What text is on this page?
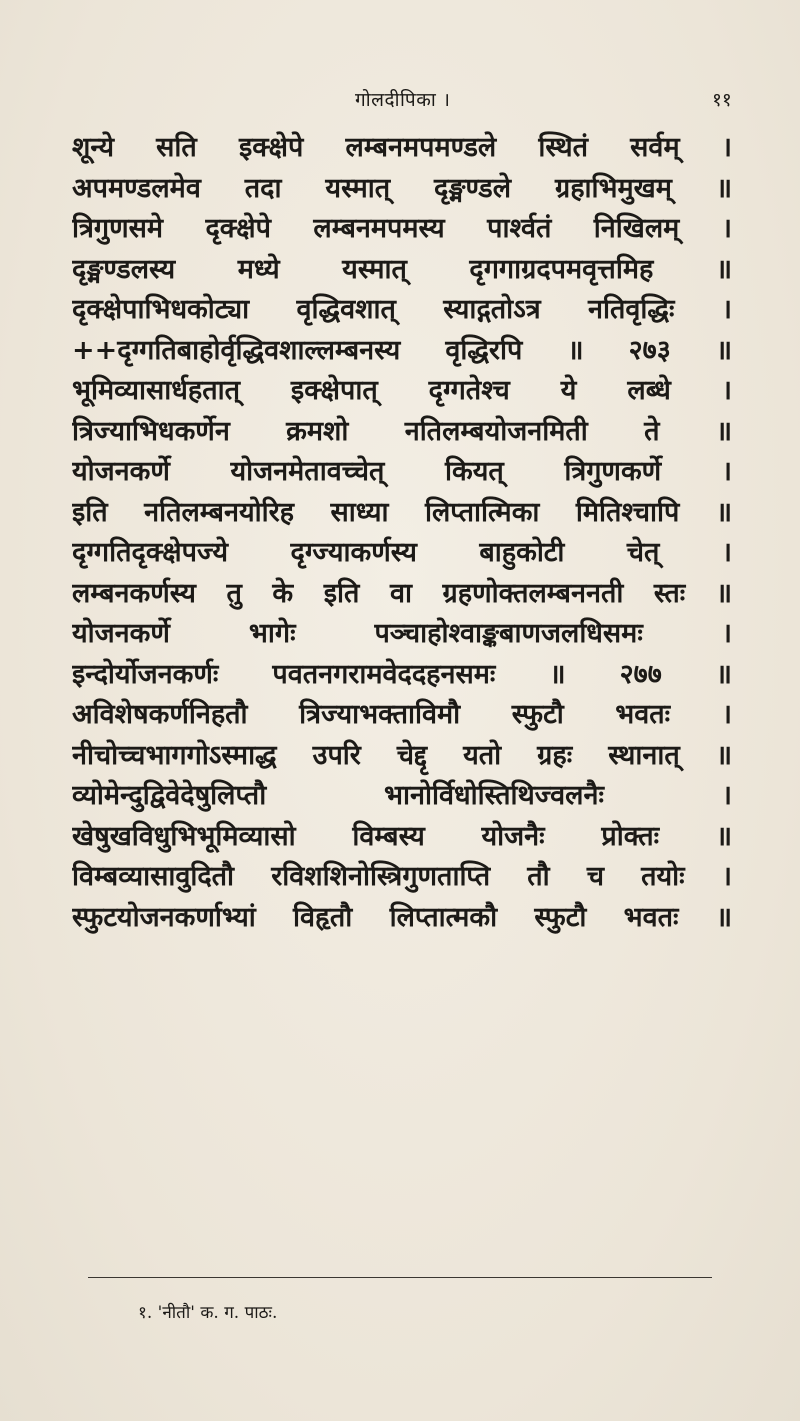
गोलदीपिका ।	११
शून्ये सति इक्क्षेपे लम्बनमपमण्डले स्थितं सर्वम् ।
अपमण्डलमेव तदा यस्मात् दृङ्मण्डले ग्रहाभिमुखम् ॥
त्रिगुणसमे दृक्क्षेपे लम्बनमपमस्य पार्श्वतं निखिलम् ।
दृङ्मण्डलस्य मध्ये यस्मात् दृगगाग्रदपमवृत्तमिह ॥
दृक्क्षेपाभिधकोट्या वृद्धिवशात् स्याद्गतोऽत्र नतिवृद्धिः ।
++दृग्गतिबाहोर्वृद्धिवशाल्लम्बनस्य वृद्धिरपि ॥ २७३ ॥
भूमिव्यासार्धहतात् इक्क्षेपात् दृग्गतेश्च ये लब्धे ।
त्रिज्याभिधकर्णेन क्रमशो नतिलम्बयोजनमिती ते ॥
योजनकर्णे योजनमेतावच्चेत् कियत् त्रिगुणकर्णे ।
इति नतिलम्बनयोरिह साध्या लिप्तात्मिका मितिश्चापि ॥
दृग्गतिदृक्क्षेपज्ये दृग्ज्याकर्णस्य बाहुकोटी चेत् ।
लम्बनकर्णस्य तु के इति वा ग्रहणोक्तलम्बननती स्तः ॥
योजनकर्णे भागेः पञ्चाहोश्वाङ्कबाणजलधिसमः ।
इन्दोर्योजनकर्णः पवतनगरामवेददहनसमः ॥ २७७ ॥
अविशेषकर्णनिहतौ त्रिज्याभक्ताविमौ स्फुटौ भवतः ।
नीचोच्चभागगोऽस्माद्ध उपरि चेद्दृ यतो ग्रहः स्थानात् ॥
व्योमेन्दुद्विवेदेषुलिप्तौ भानोर्विधोस्तिथिज्वलनैः ।
खेषुखविधुभिभूमिव्यासो विम्बस्य योजनैः प्रोक्तः ॥
विम्बव्यासावुदितौ रविशशिनोस्त्रिगुणताप्ति तौ च तयोः ।
स्फुटयोजनकर्णाभ्यां विहृतौ लिप्तात्मकौ स्फुटौ भवतः ॥
१. 'नीतौ' क. ग. पाठः.
